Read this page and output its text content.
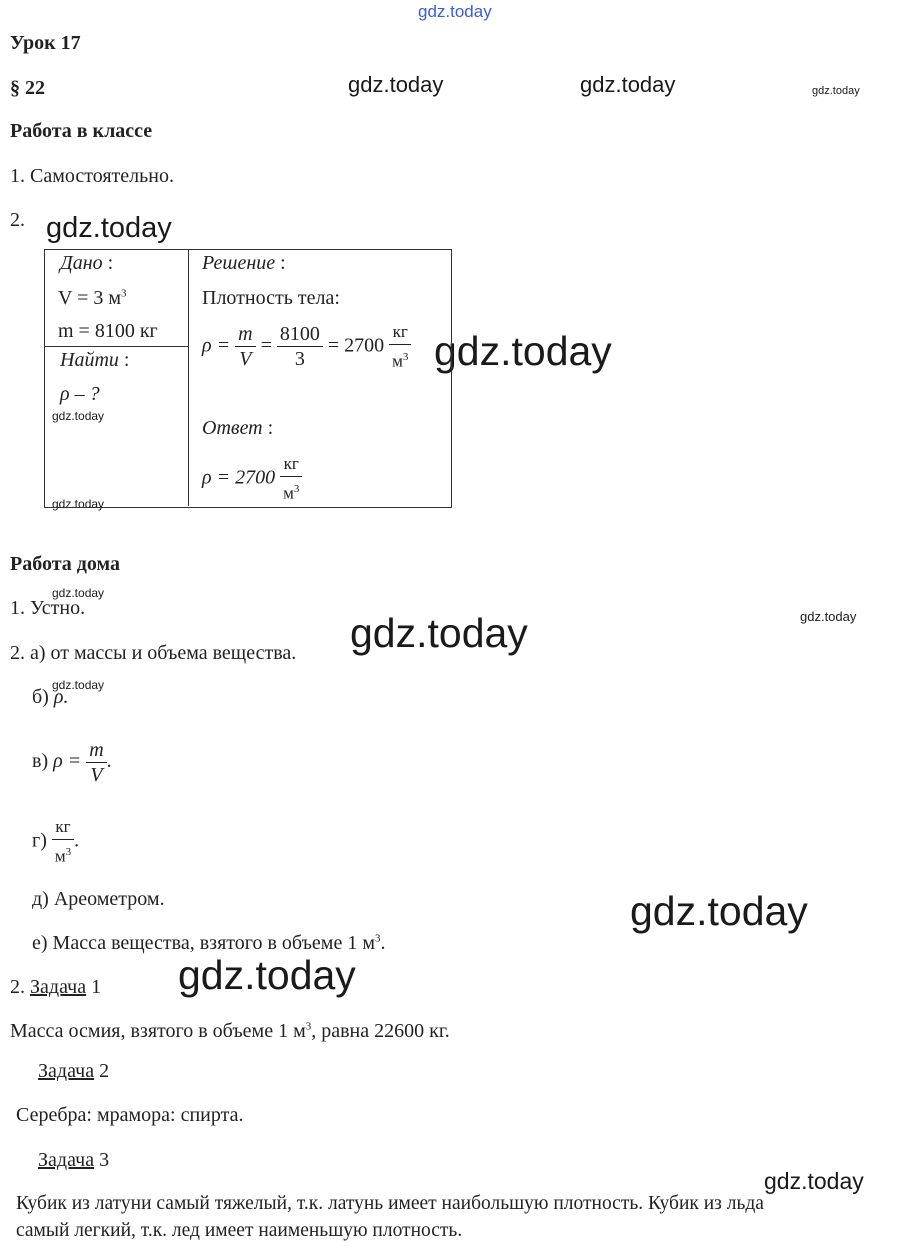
gdz.today
gdz.today	gdz.today	gdz.today
gdz.today
gdz.today
gdz.today
gdz.today
gdz.today
gdz.today
gdz.today
gdz.today
gdz.today
gdz.today
gdz.today
Урок 17
§ 22
Работа в классе
1. Самостоятельно.
2.
Дано :
V = 3 $м^3$
m = 8100 кг
Найти :
ρ – ?
Решение :
Плотность тела:
$\rho = \frac{m}{V} = \frac{8100}{3} = 2700 \frac{кг}{м^3}$
Ответ :
$\rho = 2700 \frac{кг}{м^3}$
Работа дома
1. Устно.
2. а) от массы и объема вещества.
б) ρ.
в) $\rho = \frac{m}{V}$ .
$г) \frac{кг}{м^3}$ .
д) Ареометром.
е) Масса вещества, взятого в объеме 1 $м^3$.
2. Задача 1
Масса осмия, взятого в объеме 1 $м^3$, равна 22600 кг.
Задача 2
Серебра: мрамора: спирта.
Задача 3
Кубик из латуни самый тяжелый, т.к. латунь имеет наибольшую плотность. Кубик из льда
самый легкий, т.к. лед имеет наименьшую плотность.
